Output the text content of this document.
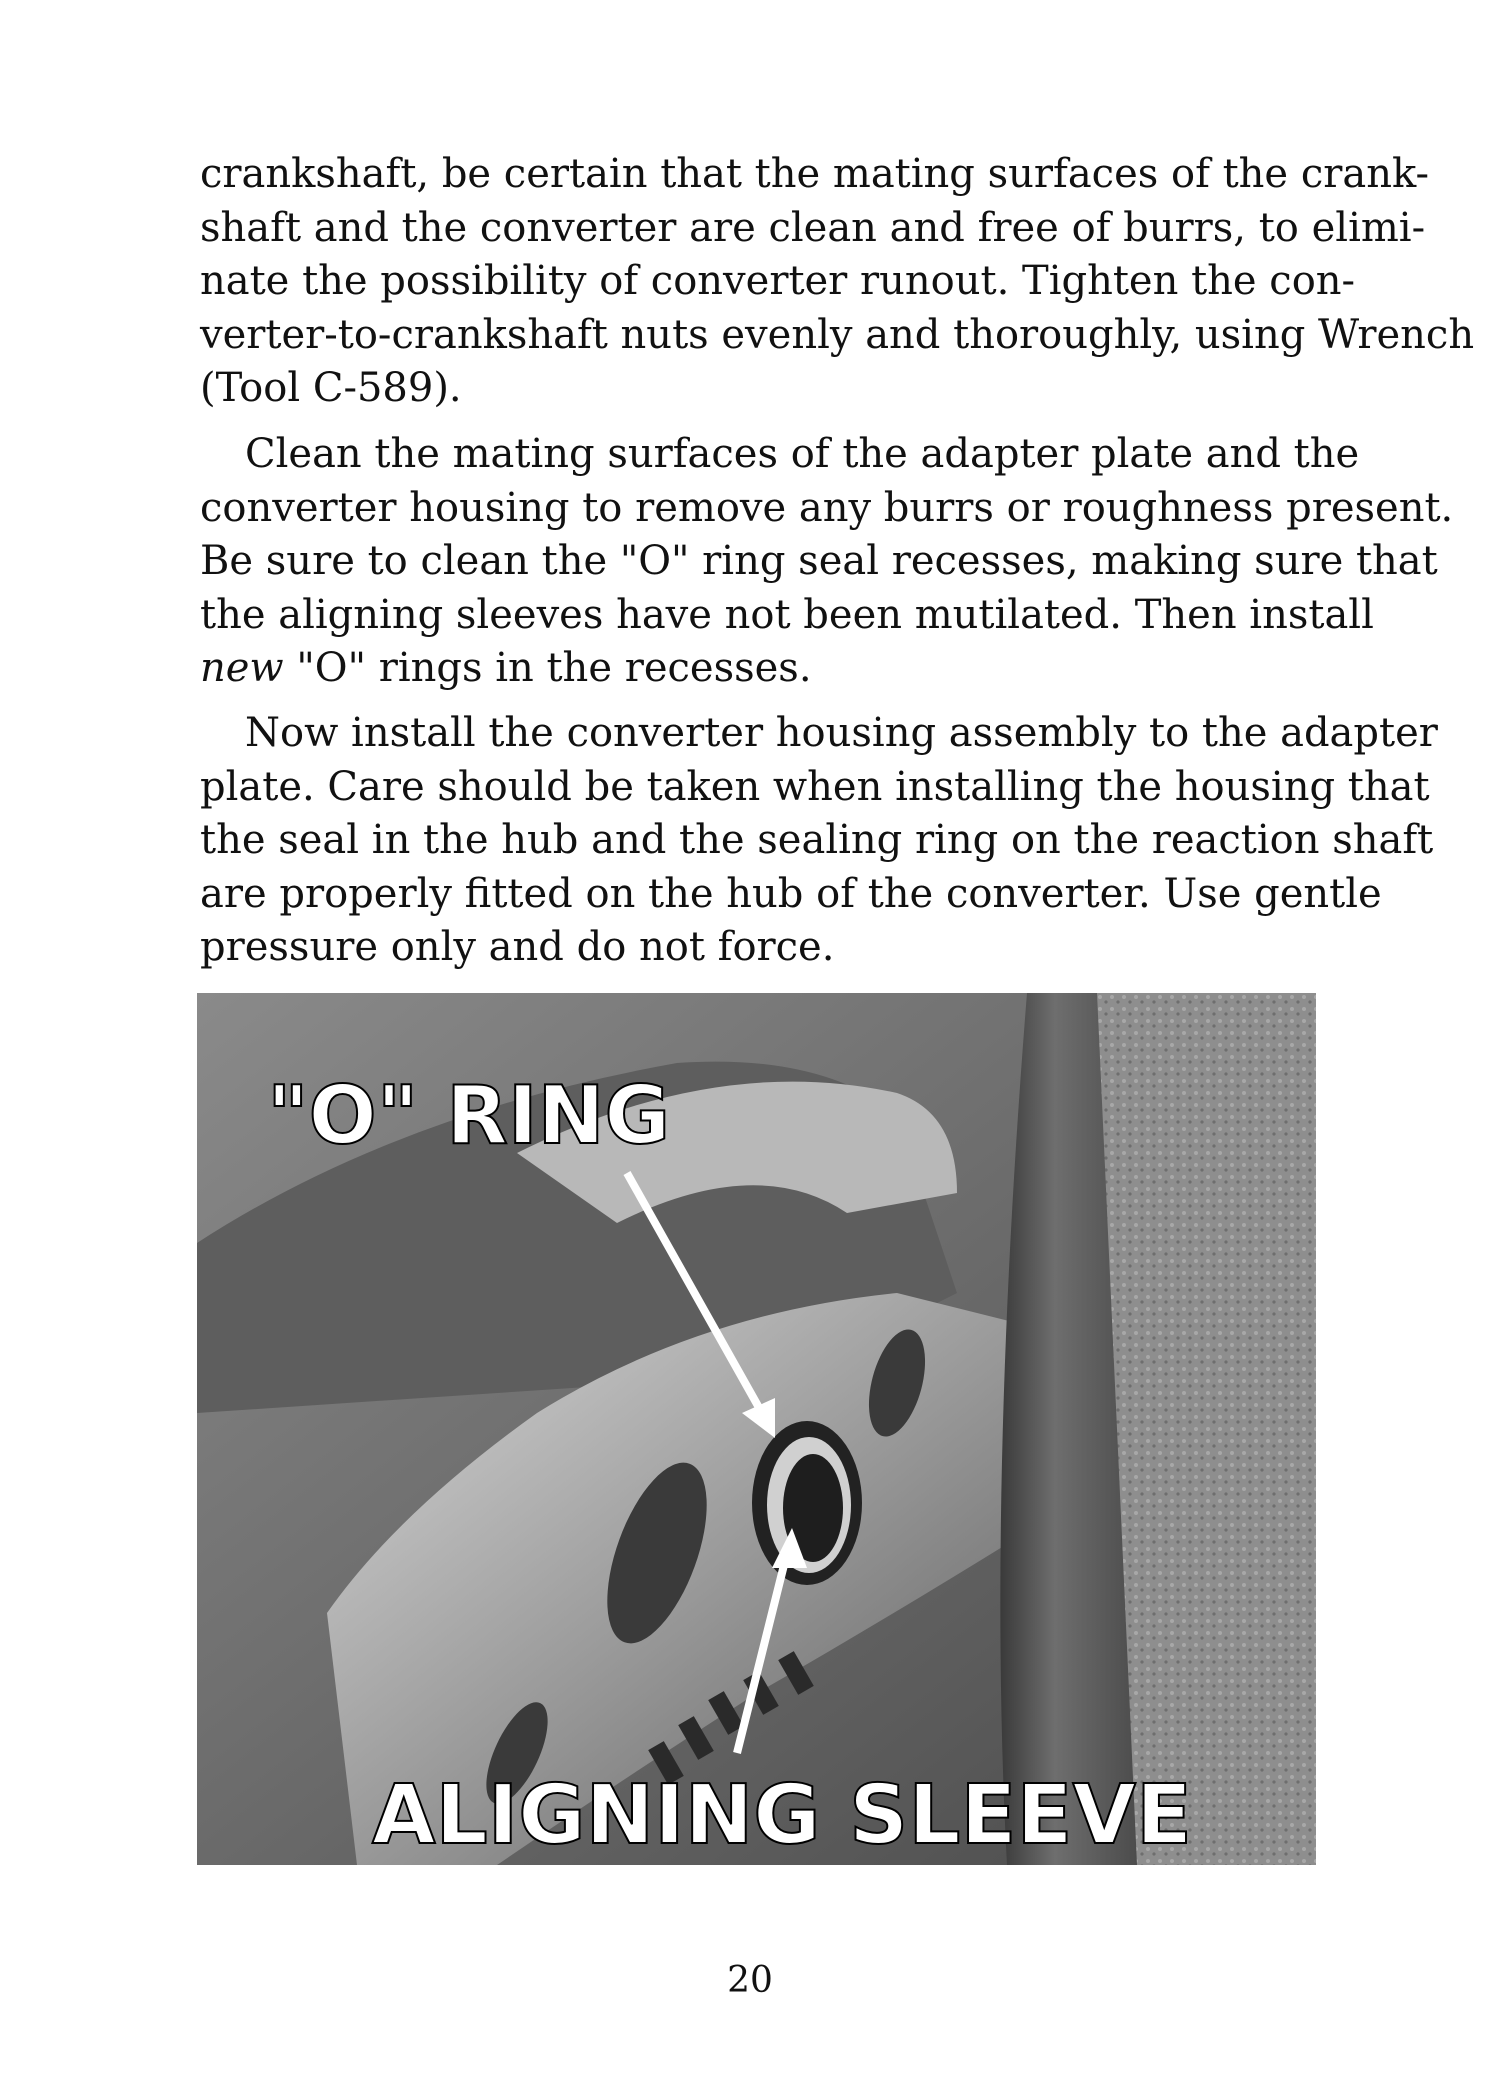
crankshaft, be certain that the mating surfaces of the crank-
shaft and the converter are clean and free of burrs, to elimi-
nate the possibility of converter runout. Tighten the con-
verter-to-crankshaft nuts evenly and thoroughly, using Wrench
(Tool C-589).

Clean the mating surfaces of the adapter plate and the
converter housing to remove any burrs or roughness present.
Be sure to clean the "O" ring seal recesses, making sure that
the aligning sleeves have not been mutilated. Then install
new "O" rings in the recesses.

Now install the converter housing assembly to the adapter
plate. Care should be taken when installing the housing that
the seal in the hub and the sealing ring on the reaction shaft
are properly fitted on the hub of the converter. Use gentle
pressure only and do not force.

"O" RING
ALIGNING SLEEVE
20
